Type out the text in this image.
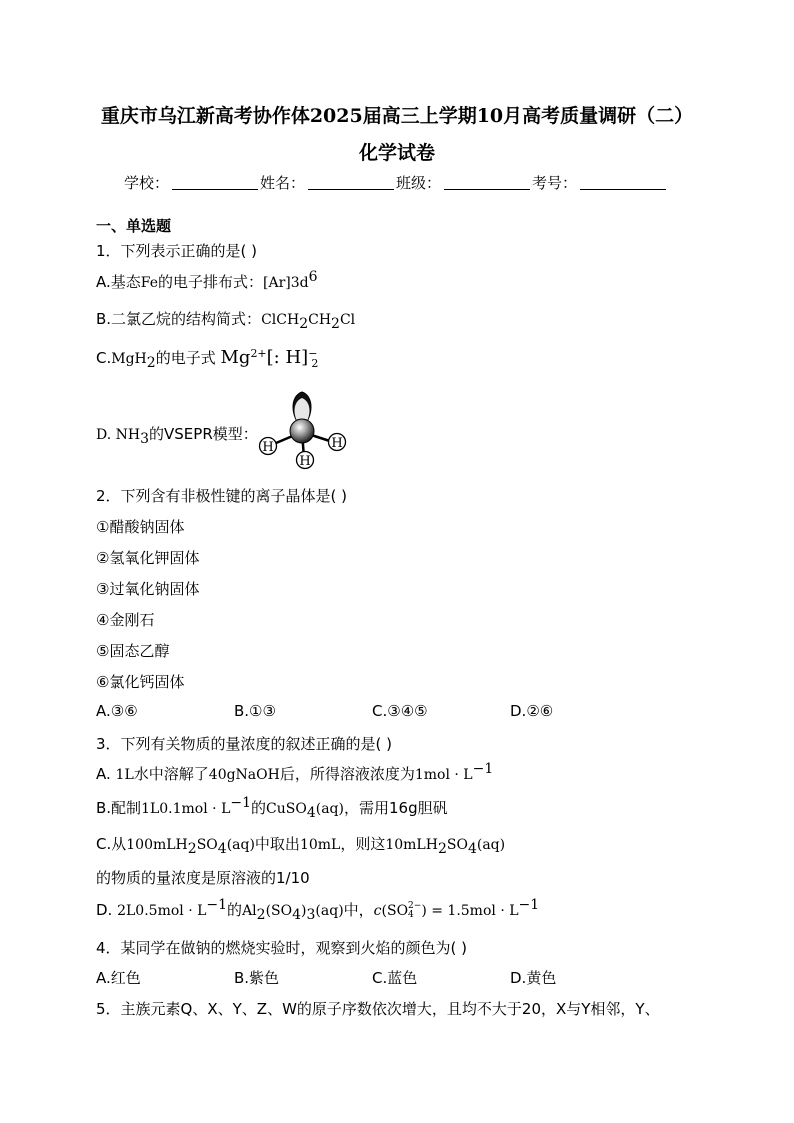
重庆市乌江新高考协作体2025届高三上学期10月高考质量调研（二）
化学试卷
学校：	姓名：	班级：	考号：
一、单选题
1．下列表示正确的是( )
A.基态Fe的电子排布式：$[Ar]3d^6$
B.二氯乙烷的结构简式：$ClCH_2CH_2Cl$
C.MgH$_2$的电子式 $Mg^{2+}$[: $H]^-_2$
D. $NH_3$的VSEPR模型：
H	H
H
2．下列含有非极性键的离子晶体是( )
①醋酸钠固体
②氢氧化钾固体
③过氧化钠固体
④金刚石
⑤固态乙醇
⑥氯化钙固体
A.③⑥	B.①③	C.③④⑤	D.②⑥
3．下列有关物质的量浓度的叙述正确的是( )
A. 1L水中溶解了40gNaOH后，所得溶液浓度为$1mol \cdot L^{-1}$
B.配制$1L0.1mol \cdot L^{-1}$的CuSO$_4$(aq)，需用16g胆矾
C.从$100mLH_2SO_4(aq)$中取出10mL，则这$10mLH_2SO_4(aq)$
的物质的量浓度是原溶液的1/10
D. $2L0.5mol \cdot L^{-1}$的$Al_2(SO_4)_3(aq)$中，c(SO 2−
4 ) = $1.5mol \cdot L^{-1}$
4．某同学在做钠的燃烧实验时，观察到火焰的颜色为( )
A.红色	B.紫色	C.蓝色	D.黄色
5．主族元素Q、X、Y、Z、W的原子序数依次增大，且均不大于20，X与Y相邻，Y、
